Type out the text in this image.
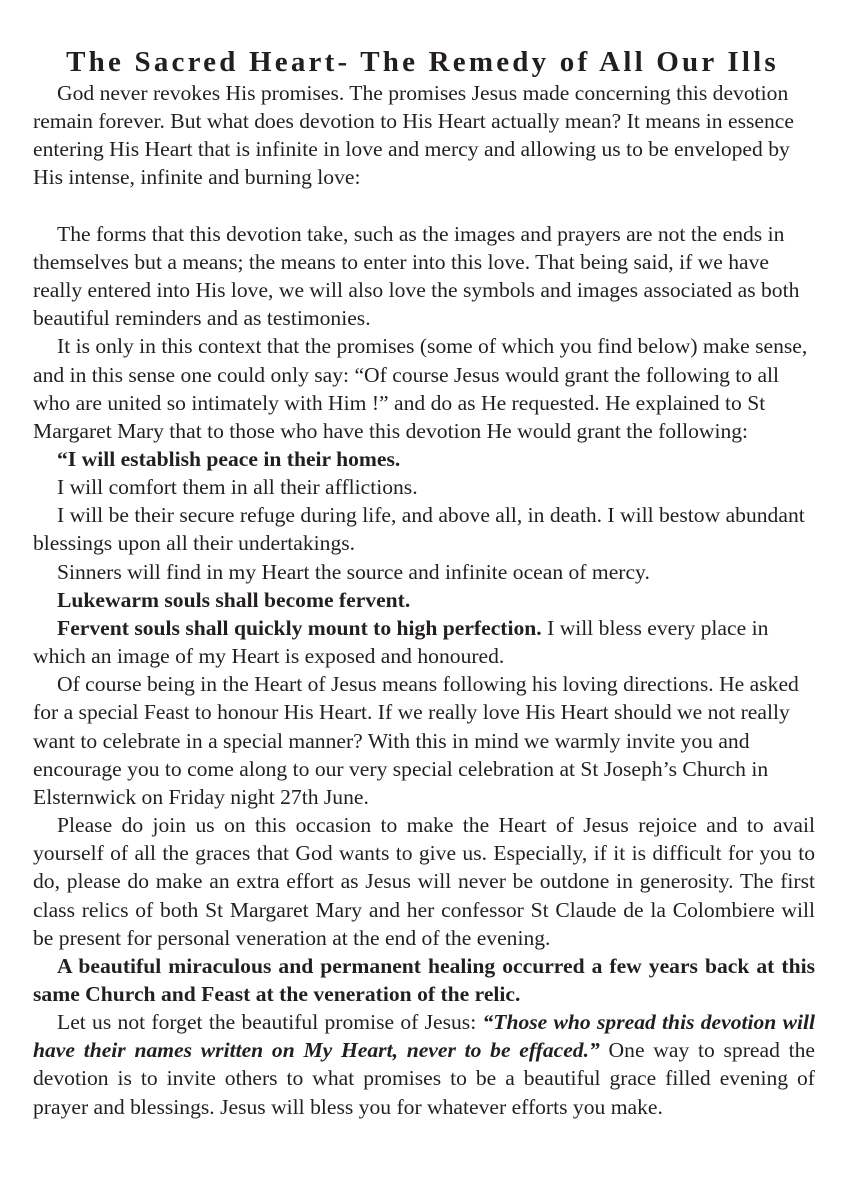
The Sacred Heart- The Remedy of All Our Ills

God never revokes His promises. The promises Jesus made concerning this devotion remain forever. But what does devotion to His Heart actually mean? It means in essence entering His Heart that is infinite in love and mercy and allowing us to be enveloped by His intense, infinite and burning love:

The forms that this devotion take, such as the images and prayers are not the ends in themselves but a means; the means to enter into this love. That being said, if we have really entered into His love, we will also love the symbols and images associated as both beautiful reminders and as testimonies.

It is only in this context that the promises (some of which you find below) make sense, and in this sense one could only say: “Of course Jesus would grant the following to all who are united so intimately with Him !” and do as He requested. He explained to St Margaret Mary that to those who have this devotion He would grant the following:

“I will establish peace in their homes.

I will comfort them in all their afflictions.

I will be their secure refuge during life, and above all, in death. I will bestow abundant blessings upon all their undertakings.

Sinners will find in my Heart the source and infinite ocean of mercy.

Lukewarm souls shall become fervent.

Fervent souls shall quickly mount to high perfection. I will bless every place in which an image of my Heart is exposed and honoured.

Of course being in the Heart of Jesus means following his loving directions. He asked for a special Feast to honour His Heart. If we really love His Heart should we not really want to celebrate in a special manner? With this in mind we warmly invite you and encourage you to come along to our very special celebration at St Joseph’s Church in Elsternwick on Friday night 27th June.

Please do join us on this occasion to make the Heart of Jesus rejoice and to avail yourself of all the graces that God wants to give us. Especially, if it is difficult for you to do, please do make an extra effort as Jesus will never be outdone in generosity. The first class relics of both St Margaret Mary and her confessor St Claude de la Colombiere will be present for personal veneration at the end of the evening.

A beautiful miraculous and permanent healing occurred a few years back at this same Church and Feast at the veneration of the relic.

Let us not forget the beautiful promise of Jesus: “Those who spread this devotion will have their names written on My Heart, never to be effaced.” One way to spread the devotion is to invite others to what promises to be a beautiful grace filled evening of prayer and blessings. Jesus will bless you for whatever efforts you make.
